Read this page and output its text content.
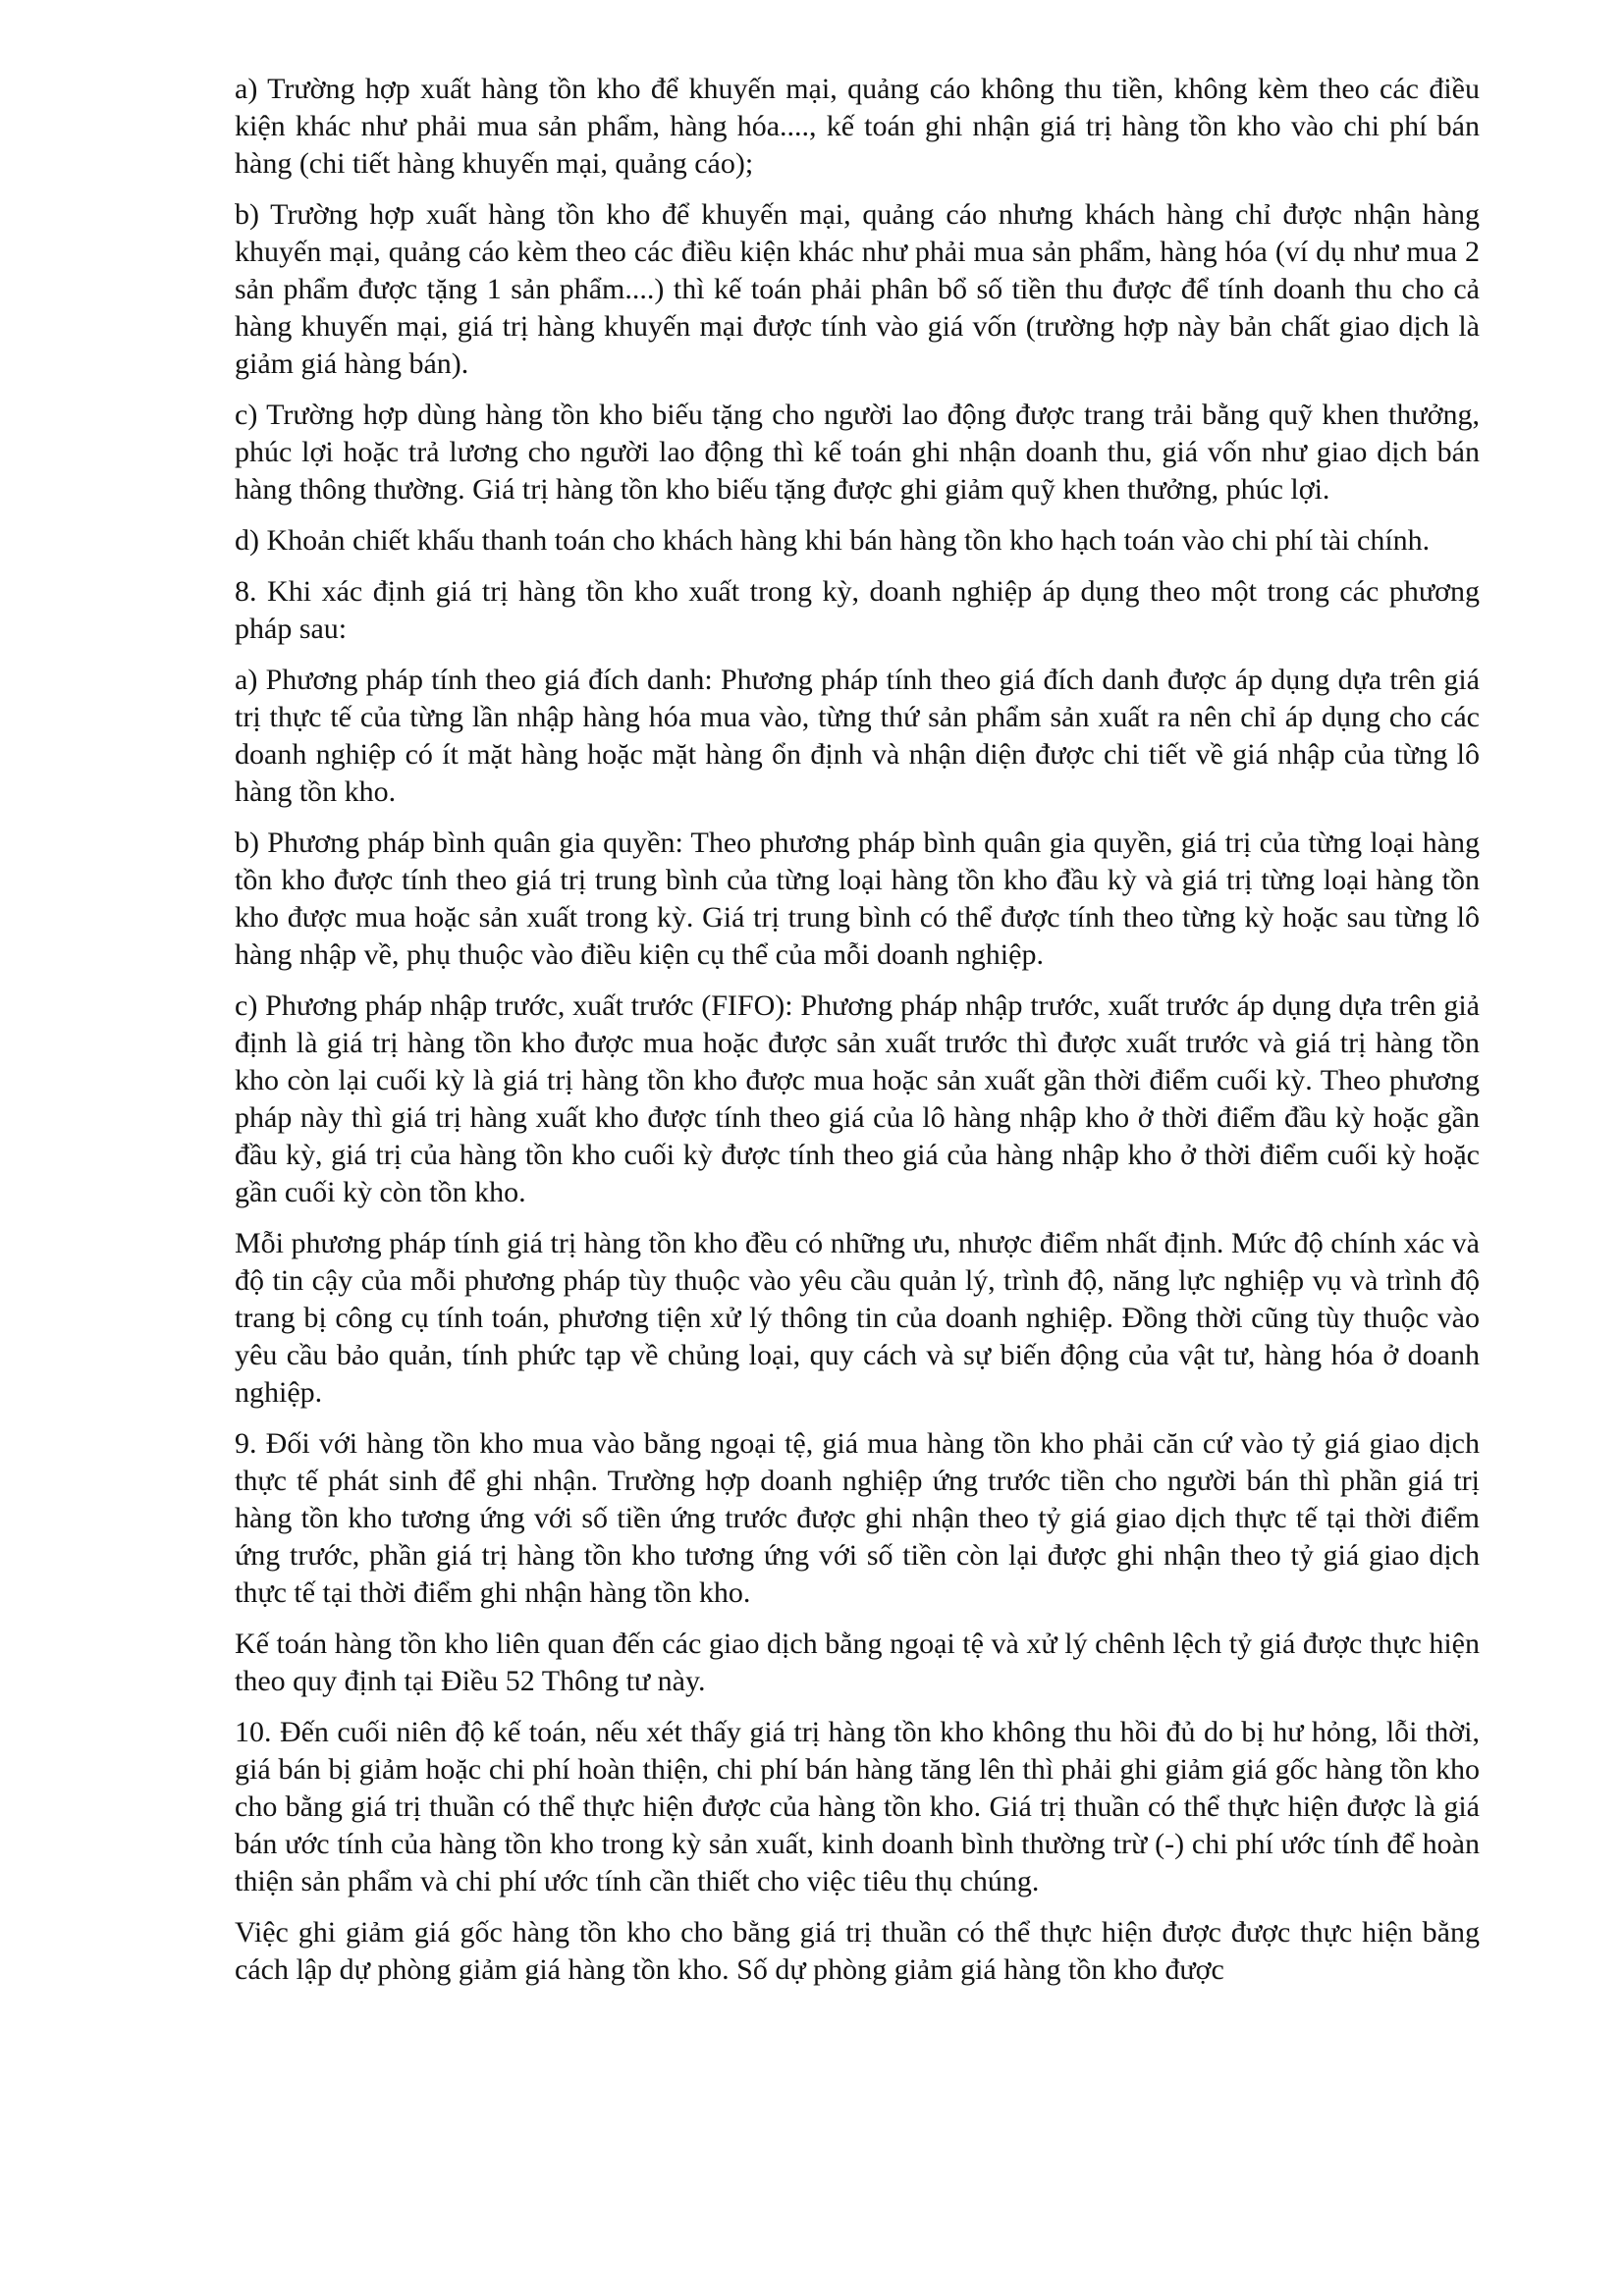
a) Trường hợp xuất hàng tồn kho để khuyến mại, quảng cáo không thu tiền, không kèm theo các điều kiện khác như phải mua sản phẩm, hàng hóa...., kế toán ghi nhận giá trị hàng tồn kho vào chi phí bán hàng (chi tiết hàng khuyến mại, quảng cáo);

b) Trường hợp xuất hàng tồn kho để khuyến mại, quảng cáo nhưng khách hàng chỉ được nhận hàng khuyến mại, quảng cáo kèm theo các điều kiện khác như phải mua sản phẩm, hàng hóa (ví dụ như mua 2 sản phẩm được tặng 1 sản phẩm....) thì kế toán phải phân bổ số tiền thu được để tính doanh thu cho cả hàng khuyến mại, giá trị hàng khuyến mại được tính vào giá vốn (trường hợp này bản chất giao dịch là giảm giá hàng bán).

c) Trường hợp dùng hàng tồn kho biếu tặng cho người lao động được trang trải bằng quỹ khen thưởng, phúc lợi hoặc trả lương cho người lao động thì kế toán ghi nhận doanh thu, giá vốn như giao dịch bán hàng thông thường. Giá trị hàng tồn kho biếu tặng được ghi giảm quỹ khen thưởng, phúc lợi.

d) Khoản chiết khấu thanh toán cho khách hàng khi bán hàng tồn kho hạch toán vào chi phí tài chính.

8. Khi xác định giá trị hàng tồn kho xuất trong kỳ, doanh nghiệp áp dụng theo một trong các phương pháp sau:

a) Phương pháp tính theo giá đích danh: Phương pháp tính theo giá đích danh được áp dụng dựa trên giá trị thực tế của từng lần nhập hàng hóa mua vào, từng thứ sản phẩm sản xuất ra nên chỉ áp dụng cho các doanh nghiệp có ít mặt hàng hoặc mặt hàng ổn định và nhận diện được chi tiết về giá nhập của từng lô hàng tồn kho.

b) Phương pháp bình quân gia quyền: Theo phương pháp bình quân gia quyền, giá trị của từng loại hàng tồn kho được tính theo giá trị trung bình của từng loại hàng tồn kho đầu kỳ và giá trị từng loại hàng tồn kho được mua hoặc sản xuất trong kỳ. Giá trị trung bình có thể được tính theo từng kỳ hoặc sau từng lô hàng nhập về, phụ thuộc vào điều kiện cụ thể của mỗi doanh nghiệp.

c) Phương pháp nhập trước, xuất trước (FIFO): Phương pháp nhập trước, xuất trước áp dụng dựa trên giả định là giá trị hàng tồn kho được mua hoặc được sản xuất trước thì được xuất trước và giá trị hàng tồn kho còn lại cuối kỳ là giá trị hàng tồn kho được mua hoặc sản xuất gần thời điểm cuối kỳ. Theo phương pháp này thì giá trị hàng xuất kho được tính theo giá của lô hàng nhập kho ở thời điểm đầu kỳ hoặc gần đầu kỳ, giá trị của hàng tồn kho cuối kỳ được tính theo giá của hàng nhập kho ở thời điểm cuối kỳ hoặc gần cuối kỳ còn tồn kho.

Mỗi phương pháp tính giá trị hàng tồn kho đều có những ưu, nhược điểm nhất định. Mức độ chính xác và độ tin cậy của mỗi phương pháp tùy thuộc vào yêu cầu quản lý, trình độ, năng lực nghiệp vụ và trình độ trang bị công cụ tính toán, phương tiện xử lý thông tin của doanh nghiệp. Đồng thời cũng tùy thuộc vào yêu cầu bảo quản, tính phức tạp về chủng loại, quy cách và sự biến động của vật tư, hàng hóa ở doanh nghiệp.

9. Đối với hàng tồn kho mua vào bằng ngoại tệ, giá mua hàng tồn kho phải căn cứ vào tỷ giá giao dịch thực tế phát sinh để ghi nhận. Trường hợp doanh nghiệp ứng trước tiền cho người bán thì phần giá trị hàng tồn kho tương ứng với số tiền ứng trước được ghi nhận theo tỷ giá giao dịch thực tế tại thời điểm ứng trước, phần giá trị hàng tồn kho tương ứng với số tiền còn lại được ghi nhận theo tỷ giá giao dịch thực tế tại thời điểm ghi nhận hàng tồn kho.

Kế toán hàng tồn kho liên quan đến các giao dịch bằng ngoại tệ và xử lý chênh lệch tỷ giá được thực hiện theo quy định tại Điều 52 Thông tư này.

10. Đến cuối niên độ kế toán, nếu xét thấy giá trị hàng tồn kho không thu hồi đủ do bị hư hỏng, lỗi thời, giá bán bị giảm hoặc chi phí hoàn thiện, chi phí bán hàng tăng lên thì phải ghi giảm giá gốc hàng tồn kho cho bằng giá trị thuần có thể thực hiện được của hàng tồn kho. Giá trị thuần có thể thực hiện được là giá bán ước tính của hàng tồn kho trong kỳ sản xuất, kinh doanh bình thường trừ (-) chi phí ước tính để hoàn thiện sản phẩm và chi phí ước tính cần thiết cho việc tiêu thụ chúng.

Việc ghi giảm giá gốc hàng tồn kho cho bằng giá trị thuần có thể thực hiện được được thực hiện bằng cách lập dự phòng giảm giá hàng tồn kho. Số dự phòng giảm giá hàng tồn kho được
